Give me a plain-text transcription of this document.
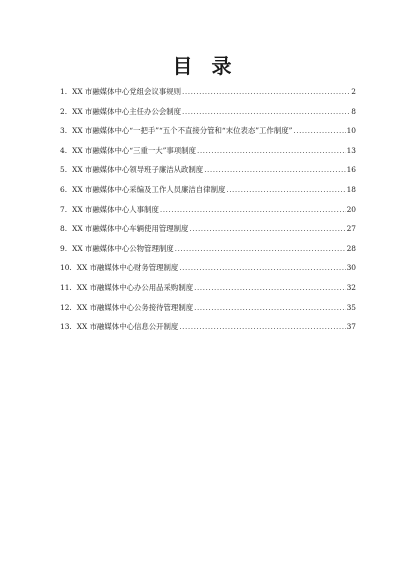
目 录
1. XX 市融媒体中心党组会议事规则 .....	2
2. XX 市融媒体中心主任办公会制度 .....	8
3. XX 市融媒体中心“一把手”“五个不直接分管和“末位表态”工作制度” .....	10
4. XX 市融媒体中心“三重一大”事项制度 .....	13
5. XX 市融媒体中心领导班子廉洁从政制度 .....	16
6. XX 市融媒体中心采编及工作人员廉洁自律制度 .....	18
7. XX 市融媒体中心人事制度 .....	20
8. XX 市融媒体中心车辆使用管理制度 .....	27
9. XX 市融媒体中心公物管理制度 .....	28
10. XX 市融媒体中心财务管理制度 .....	30
11. XX 市融媒体中心办公用品采购制度 .....	32
12. XX 市融媒体中心公务接待管理制度 .....	35
13. XX 市融媒体中心信息公开制度 .....	37
